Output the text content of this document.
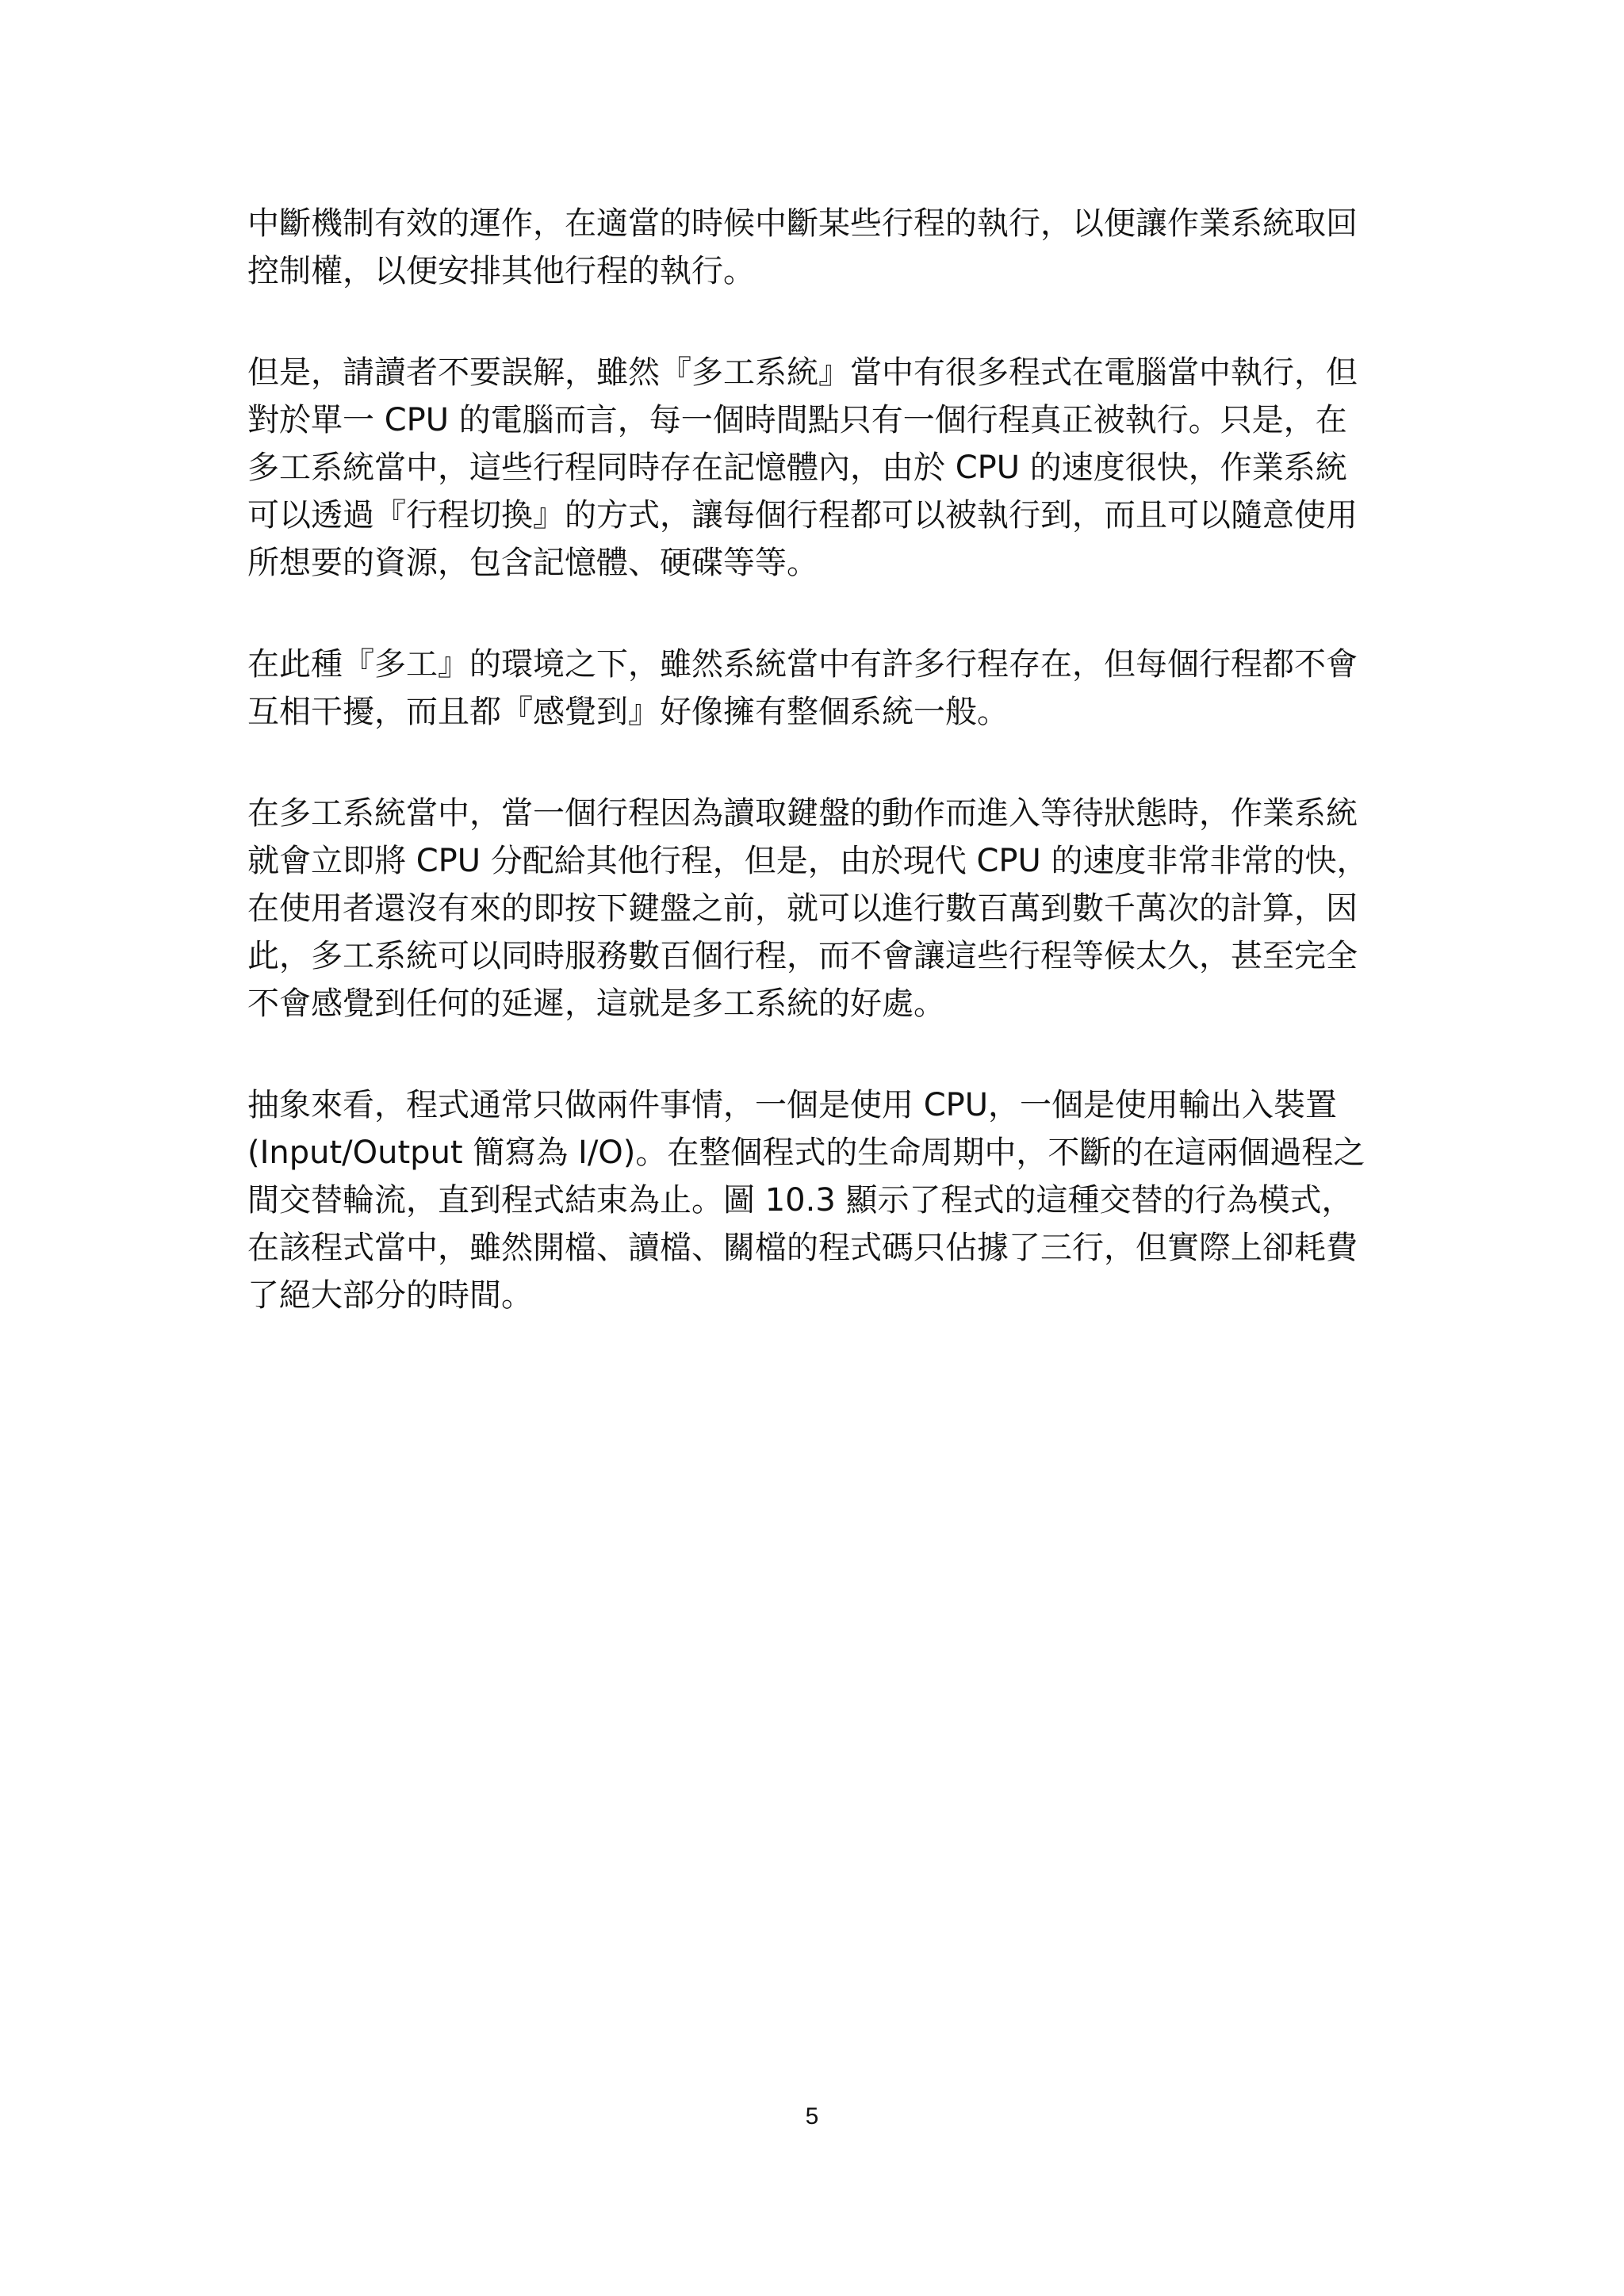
中斷機制有效的運作，在適當的時候中斷某些行程的執行，以便讓作業系統取回
控制權，以便安排其他行程的執行。
但是，請讀者不要誤解，雖然『多工系統』當中有很多程式在電腦當中執行，但
對於單一 CPU 的電腦而言，每一個時間點只有一個行程真正被執行。只是，在
多工系統當中，這些行程同時存在記憶體內，由於 CPU 的速度很快，作業系統
可以透過『行程切換』的方式，讓每個行程都可以被執行到，而且可以隨意使用
所想要的資源，包含記憶體、硬碟等等。
在此種『多工』的環境之下，雖然系統當中有許多行程存在，但每個行程都不會
互相干擾，而且都『感覺到』好像擁有整個系統一般。
在多工系統當中，當一個行程因為讀取鍵盤的動作而進入等待狀態時，作業系統
就會立即將 CPU 分配給其他行程，但是，由於現代 CPU 的速度非常非常的快，
在使用者還沒有來的即按下鍵盤之前，就可以進行數百萬到數千萬次的計算，因
此，多工系統可以同時服務數百個行程，而不會讓這些行程等候太久，甚至完全
不會感覺到任何的延遲，這就是多工系統的好處。
抽象來看，程式通常只做兩件事情，一個是使用 CPU，一個是使用輸出入裝置
(Input/Output 簡寫為 I/O)。在整個程式的生命周期中，不斷的在這兩個過程之
間交替輪流，直到程式結束為止。圖 10.3 顯示了程式的這種交替的行為模式，
在該程式當中，雖然開檔、讀檔、關檔的程式碼只佔據了三行，但實際上卻耗費
了絕大部分的時間。
5
